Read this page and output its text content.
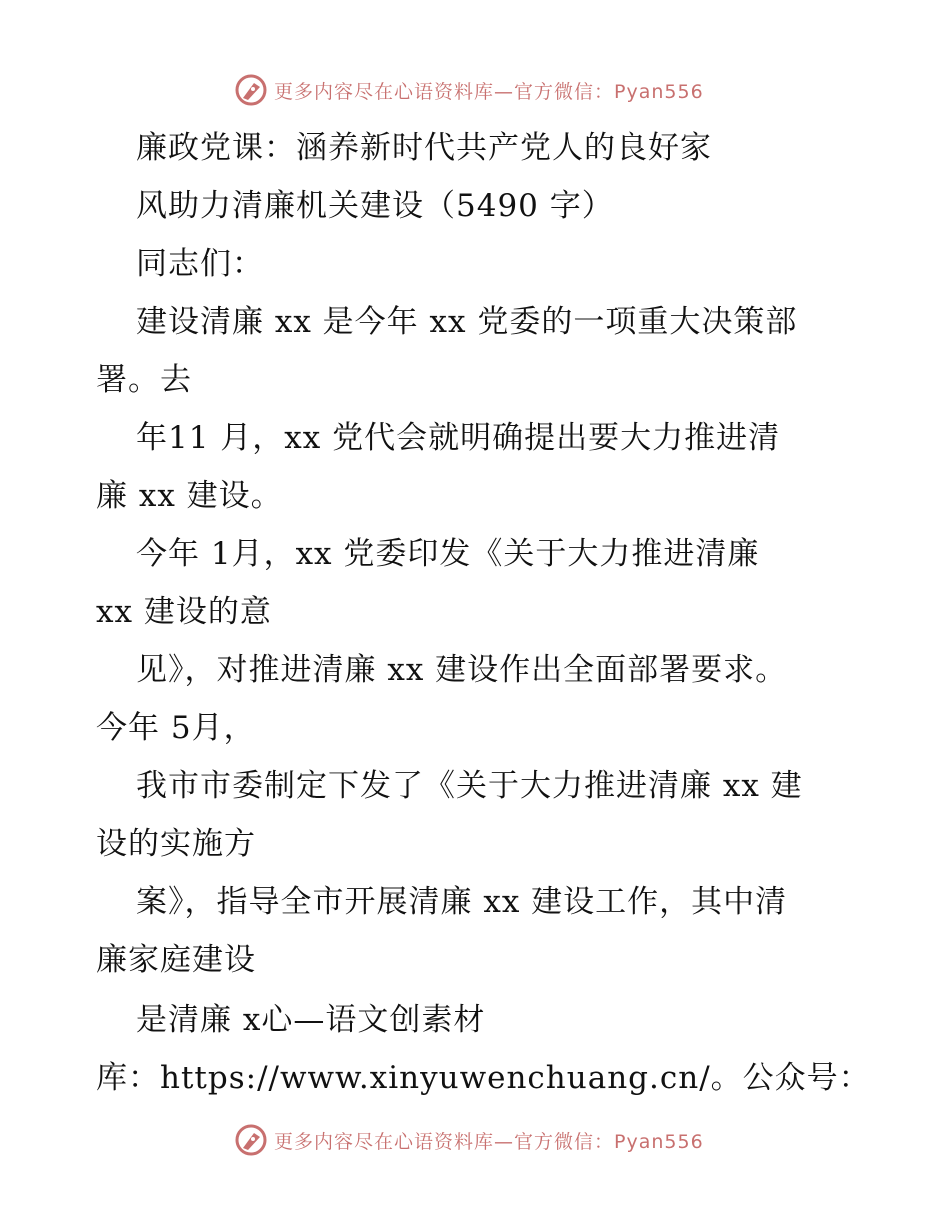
更多内容尽在心语资料库—官方微信：Pyan556
廉政党课：涵养新时代共产党人的良好家
风助力清廉机关建设（5490 字）
同志们：
建设清廉 xx 是今年 xx 党委的一项重大决策部
署。去
年11 月，xx 党代会就明确提出要大力推进清
廉 xx 建设。
今年 1月，xx 党委印发《关于大力推进清廉
xx 建设的意
见》，对推进清廉 xx 建设作出全面部署要求。
今年 5月，
我市市委制定下发了《关于大力推进清廉 xx 建
设的实施方
案》，指导全市开展清廉 xx 建设工作，其中清
廉家庭建设
是清廉 x心—语文创素材
库：https://www.xinyuwenchuang.cn/。公众号：
更多内容尽在心语资料库—官方微信：Pyan556
